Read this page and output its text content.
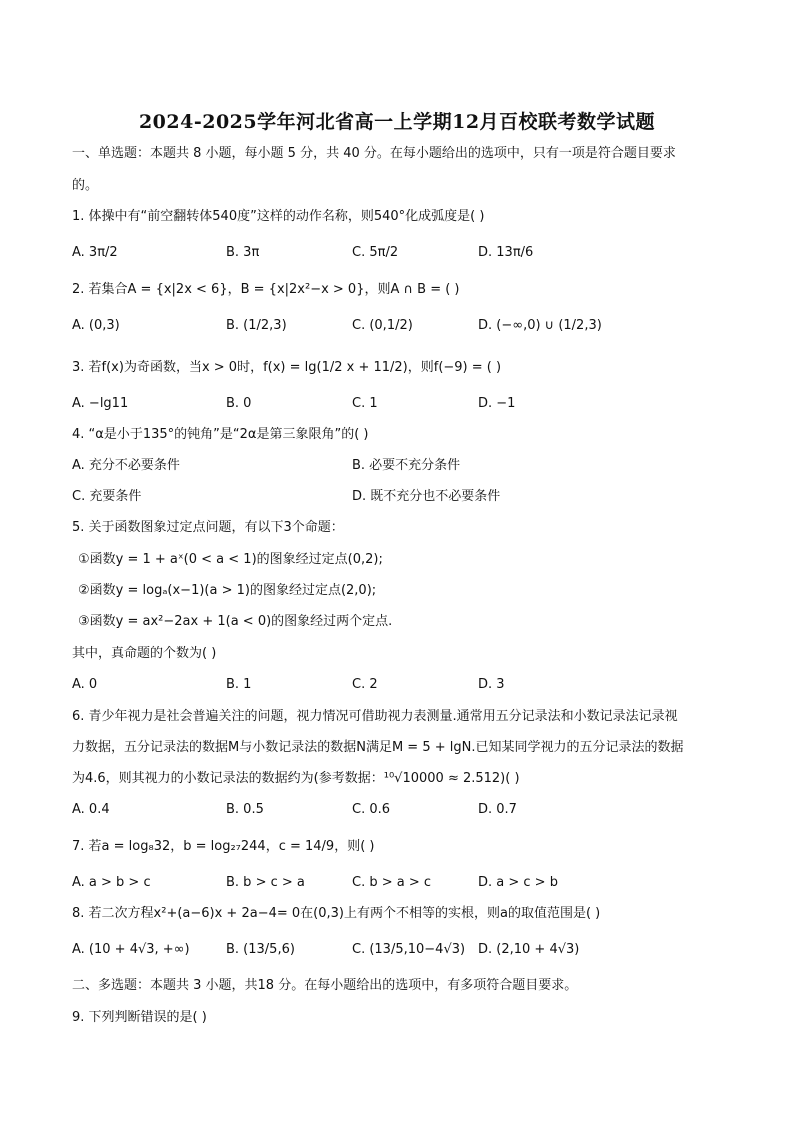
2024-2025学年河北省高一上学期12月百校联考数学试题
一、单选题：本题共 8 小题，每小题 5 分，共 40 分。在每小题给出的选项中，只有一项是符合题目要求
的。
1. 体操中有“前空翻转体540度”这样的动作名称，则540°化成弧度是( )
A. 3π/2	B. 3π	C. 5π/2	D. 13π/6
2. 若集合A = {x|2x < 6}，B = {x|2x²−x > 0}，则A ∩ B = ( )
A. (0,3)	B. (1/2,3)	C. (0,1/2)	D. (−∞,0) ∪ (1/2,3)
3. 若f(x)为奇函数，当x > 0时，f(x) = lg(1/2 x + 11/2)，则f(−9) = ( )
A. −lg11	B. 0	C. 1	D. −1
4. “α是小于135°的钝角”是“2α是第三象限角”的( )
A. 充分不必要条件	B. 必要不充分条件
C. 充要条件	D. 既不充分也不必要条件
5. 关于函数图象过定点问题，有以下3个命题：
①函数y = 1 + aˣ(0 < a < 1)的图象经过定点(0,2);
②函数y = logₐ(x−1)(a > 1)的图象经过定点(2,0);
③函数y = ax²−2ax + 1(a < 0)的图象经过两个定点.
其中，真命题的个数为( )
A. 0	B. 1	C. 2	D. 3
6. 青少年视力是社会普遍关注的问题，视力情况可借助视力表测量.通常用五分记录法和小数记录法记录视
力数据，五分记录法的数据M与小数记录法的数据N满足M = 5 + lgN.已知某同学视力的五分记录法的数据
为4.6，则其视力的小数记录法的数据约为(参考数据：¹⁰√10000 ≈ 2.512)( )
A. 0.4	B. 0.5	C. 0.6	D. 0.7
7. 若a = log₈32，b = log₂₇244，c = 14/9，则( )
A. a > b > c	B. b > c > a	C. b > a > c	D. a > c > b
8. 若二次方程x²+(a−6)x + 2a−4= 0在(0,3)上有两个不相等的实根，则a的取值范围是( )
A. (10 + 4√3, +∞)	B. (13/5,6)	C. (13/5,10−4√3) D. (2,10 + 4√3)
二、多选题：本题共 3 小题，共18 分。在每小题给出的选项中，有多项符合题目要求。
9. 下列判断错误的是( )
